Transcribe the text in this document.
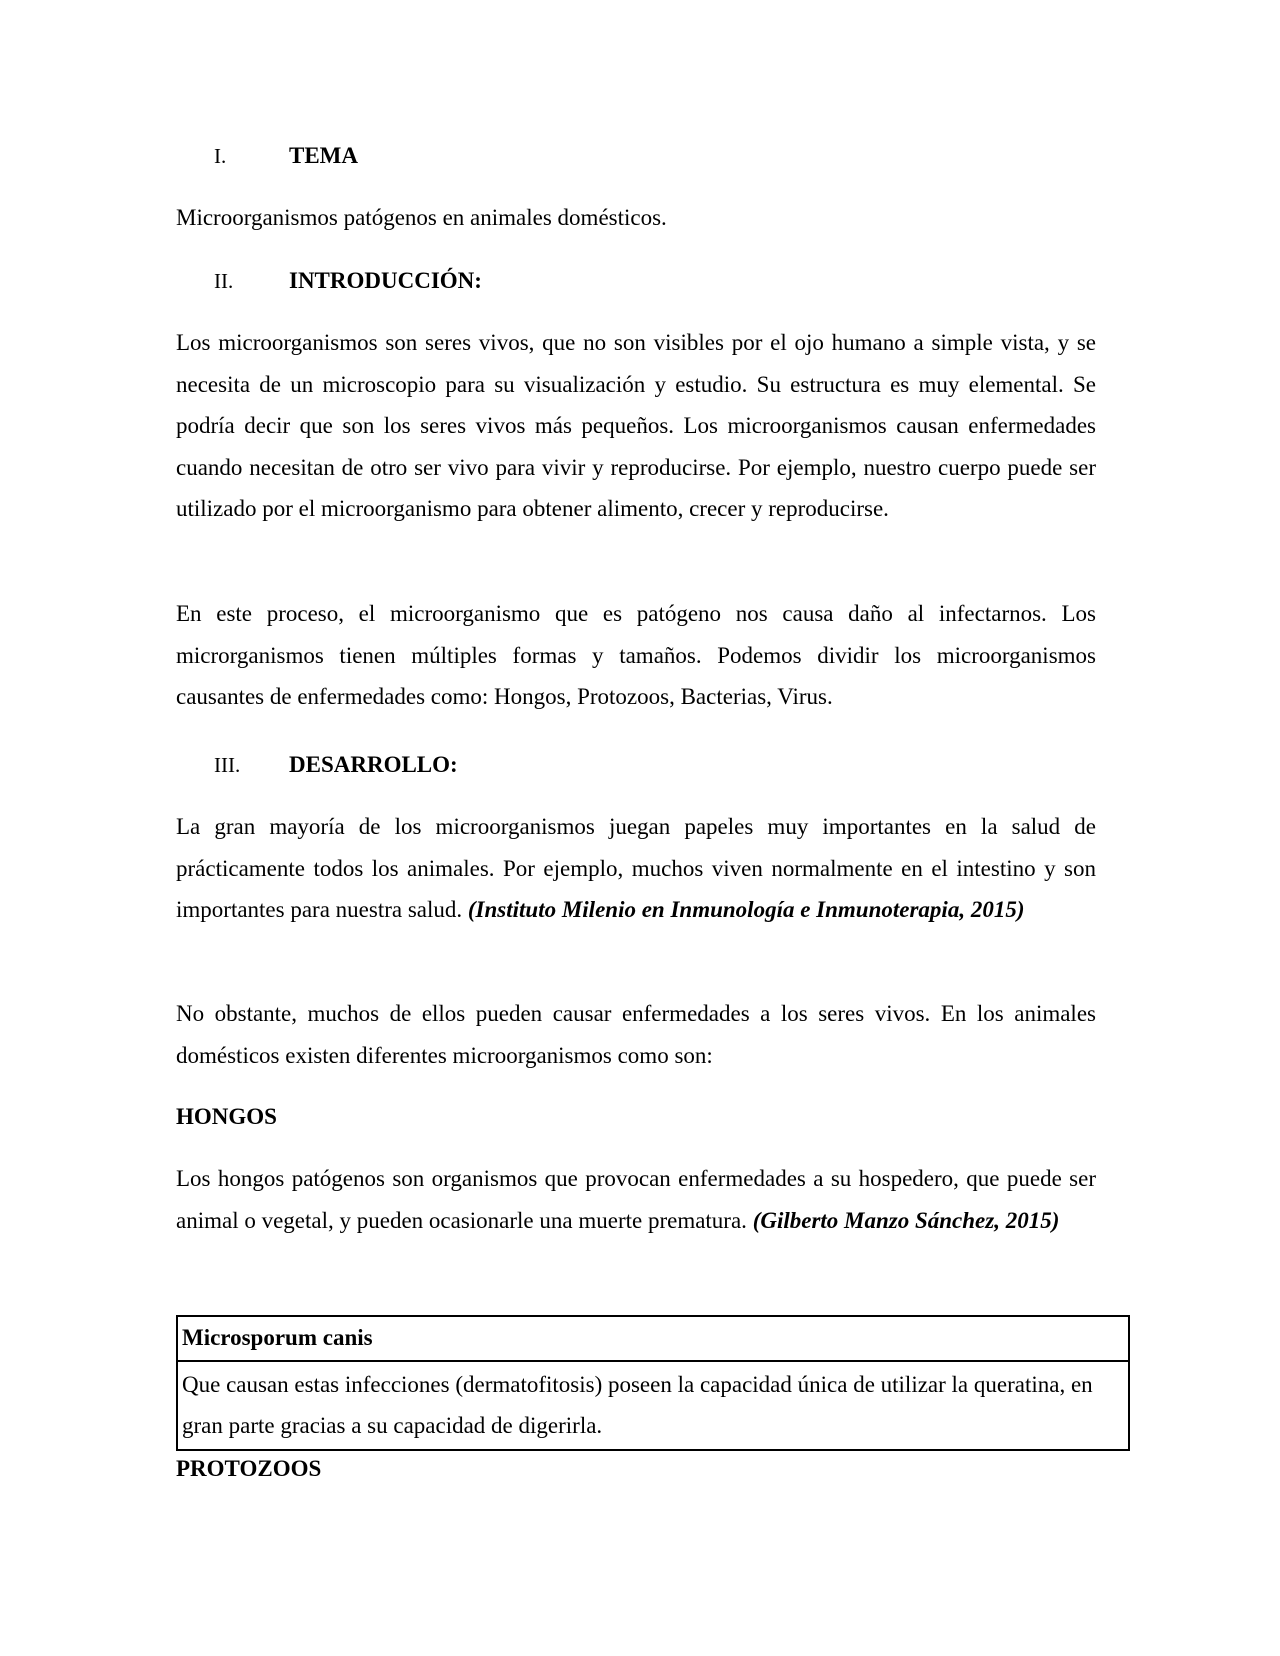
I.	TEMA
Microorganismos patógenos en animales domésticos.
II. INTRODUCCIÓN:
Los microorganismos son seres vivos, que no son visibles por el ojo humano a simple vista, y se necesita de un microscopio para su visualización y estudio. Su estructura es muy elemental. Se podría decir que son los seres vivos más pequeños. Los microorganismos causan enfermedades cuando necesitan de otro ser vivo para vivir y reproducirse. Por ejemplo, nuestro cuerpo puede ser utilizado por el microorganismo para obtener alimento, crecer y reproducirse.
En este proceso, el microorganismo que es patógeno nos causa daño al infectarnos. Los microrganismos tienen múltiples formas y tamaños. Podemos dividir los microorganismos causantes de enfermedades como: Hongos, Protozoos, Bacterias, Virus.
III. DESARROLLO:
La gran mayoría de los microorganismos juegan papeles muy importantes en la salud de prácticamente todos los animales. Por ejemplo, muchos viven normalmente en el intestino y son importantes para nuestra salud. (Instituto Milenio en Inmunología e Inmunoterapia, 2015)
No obstante, muchos de ellos pueden causar enfermedades a los seres vivos. En los animales domésticos existen diferentes microorganismos como son:
HONGOS
Los hongos patógenos son organismos que provocan enfermedades a su hospedero, que puede ser animal o vegetal, y pueden ocasionarle una muerte prematura. (Gilberto Manzo Sánchez, 2015)
Microsporum canis
Que causan estas infecciones (dermatofitosis) poseen la capacidad única de utilizar la queratina, en gran parte gracias a su capacidad de digerirla.
PROTOZOOS
